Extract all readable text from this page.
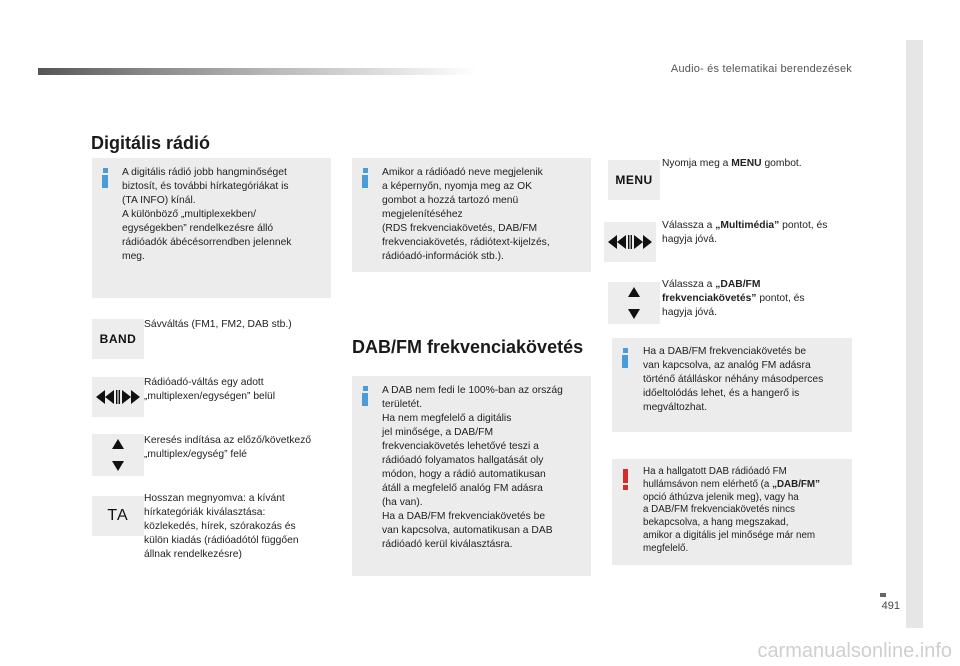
Audio- és telematikai berendezések
491
carmanualsonline.info
Digitális rádió
A digitális rádió jobb hangminőséget
biztosít, és további hírkategóriákat is
(TA INFO) kínál.
A különböző „multiplexekben/
egységekben” rendelkezésre álló
rádióadók ábécésorrendben jelennek
meg.
Amikor a rádióadó neve megjelenik
a képernyőn, nyomja meg az OK
gombot a hozzá tartozó menü
megjelenítéséhez
(RDS frekvenciakövetés, DAB/FM
frekvenciakövetés, rádiótext-kijelzés,
rádióadó-információk stb.).
BAND
Sávváltás (FM1, FM2, DAB stb.)
Rádióadó-váltás egy adott
„multiplexen/egységen” belül
Keresés indítása az előző/következő
„multiplex/egység” felé
TA
Hosszan megnyomva: a kívánt
hírkategóriák kiválasztása:
közlekedés, hírek, szórakozás és
külön kiadás (rádióadótól függően
állnak rendelkezésre)
DAB/FM frekvenciakövetés
A DAB nem fedi le 100%-ban az ország
területét.
Ha nem megfelelő a digitális
jel minősége, a DAB/FM
frekvenciakövetés lehetővé teszi a
rádióadó folyamatos hallgatását oly
módon, hogy a rádió automatikusan
átáll a megfelelő analóg FM adásra
(ha van).
Ha a DAB/FM frekvenciakövetés be
van kapcsolva, automatikusan a DAB
rádióadó kerül kiválasztásra.
MENU
Nyomja meg a MENU gombot.
Válassza a „Multimédia” pontot, és
hagyja jóvá.
Válassza a „DAB/FM
frekvenciakövetés” pontot, és
hagyja jóvá.
Ha a DAB/FM frekvenciakövetés be
van kapcsolva, az analóg FM adásra
történő átálláskor néhány másodperces
időeltolódás lehet, és a hangerő is
megváltozhat.
Ha a hallgatott DAB rádióadó FM
hullámsávon nem elérhető (a „DAB/FM”
opció áthúzva jelenik meg), vagy ha
a DAB/FM frekvenciakövetés nincs
bekapcsolva, a hang megszakad,
amikor a digitális jel minősége már nem
megfelelő.
